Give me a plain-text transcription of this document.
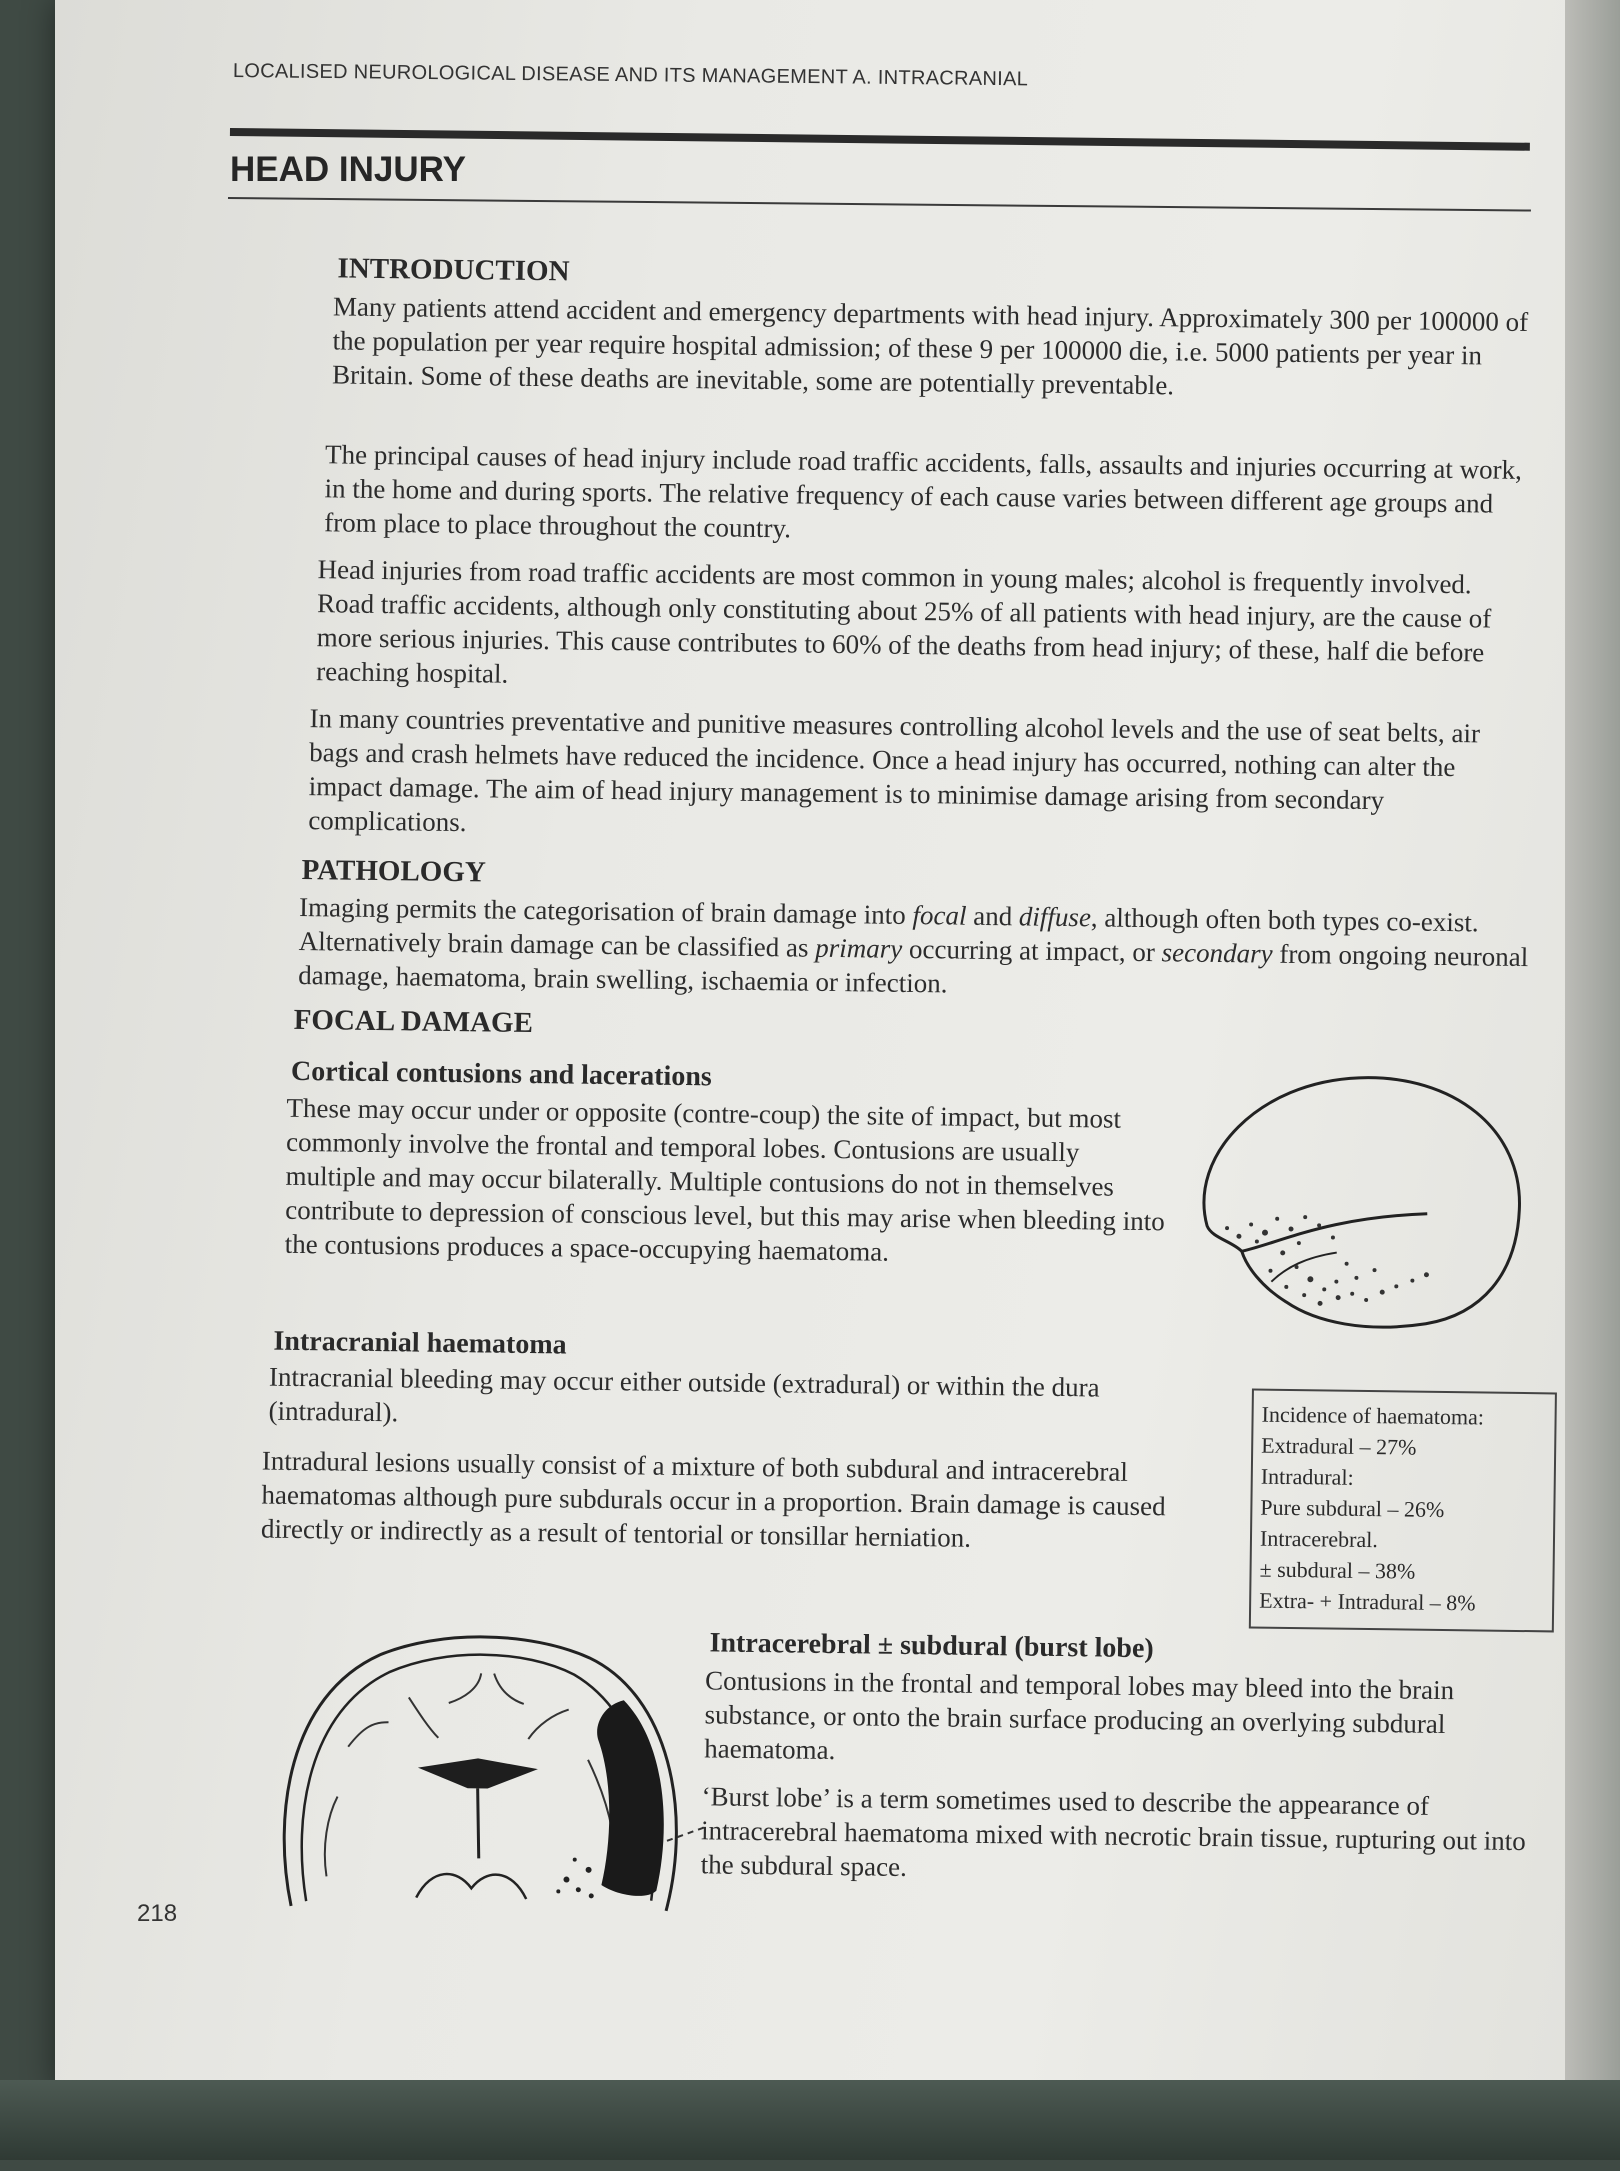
LOCALISED NEUROLOGICAL DISEASE AND ITS MANAGEMENT A. INTRACRANIAL
HEAD INJURY
INTRODUCTION

Many patients attend accident and emergency departments with head injury. Approximately 300 per 100000 of the population per year require hospital admission; of these 9 per 100000 die, i.e. 5000 patients per year in Britain. Some of these deaths are inevitable, some are potentially preventable.

The principal causes of head injury include road traffic accidents, falls, assaults and injuries occurring at work, in the home and during sports. The relative frequency of each cause varies between different age groups and from place to place throughout the country.

Head injuries from road traffic accidents are most common in young males; alcohol is frequently involved. Road traffic accidents, although only constituting about 25% of all patients with head injury, are the cause of more serious injuries. This cause contributes to 60% of the deaths from head injury; of these, half die before reaching hospital.

In many countries preventative and punitive measures controlling alcohol levels and the use of seat belts, air bags and crash helmets have reduced the incidence. Once a head injury has occurred, nothing can alter the impact damage. The aim of head injury management is to minimise damage arising from secondary complications.

PATHOLOGY

Imaging permits the categorisation of brain damage into focal and diffuse, although often both types co-exist. Alternatively brain damage can be classified as primary occurring at impact, or secondary from ongoing neuronal damage, haematoma, brain swelling, ischaemia or infection.

FOCAL DAMAGE
Cortical contusions and lacerations

These may occur under or opposite (contre-coup) the site of impact, but most commonly involve the frontal and temporal lobes. Contusions are usually multiple and may occur bilaterally. Multiple contusions do not in themselves contribute to depression of conscious level, but this may arise when bleeding into the contusions produces a space-occupying haematoma.

Intracranial haematoma

Intracranial bleeding may occur either outside (extradural) or within the dura (intradural).

Intradural lesions usually consist of a mixture of both subdural and intracerebral haematomas although pure subdurals occur in a proportion. Brain damage is caused directly or indirectly as a result of tentorial or tonsillar herniation.

Intracerebral ± subdural (burst lobe)

Contusions in the frontal and temporal lobes may bleed into the brain substance, or onto the brain surface producing an overlying subdural haematoma.

‘Burst lobe’ is a term sometimes used to describe the appearance of intracerebral haematoma mixed with necrotic brain tissue, rupturing out into the subdural space.

Incidence of haematoma:
Extradural – 27%
Intradural:
Pure subdural – 26%
Intracerebral.
± subdural – 38%
Extra- + Intradural – 8%
218
